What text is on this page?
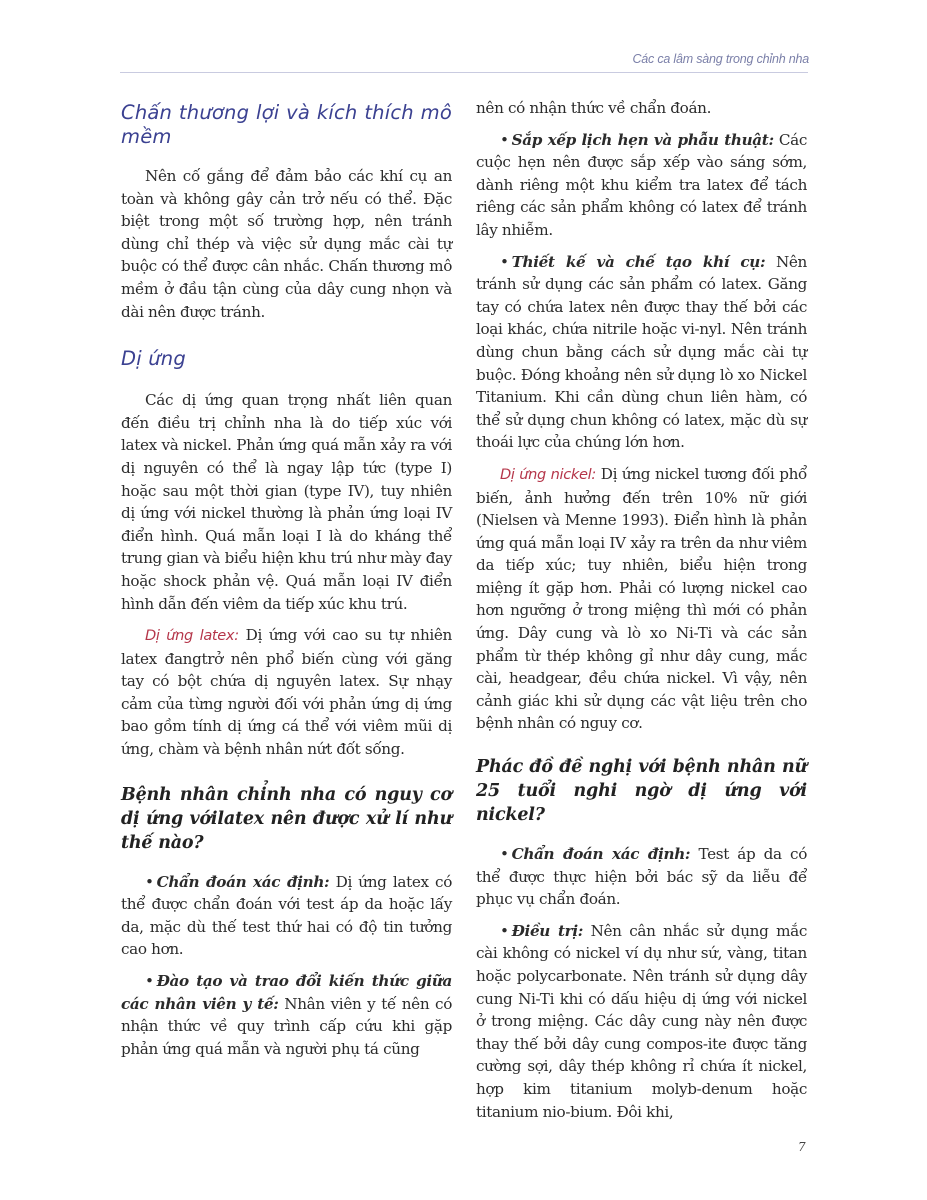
Các ca lâm sàng trong chỉnh nha
Chấn thương lợi và kích thích mô mềm

Nên cố gắng để đảm bảo các khí cụ an toàn và không gây cản trở nếu có thể. Đặc biệt trong một số trường hợp, nên tránh dùng chỉ thép và việc sử dụng mắc cài tự buộc có thể được cân nhắc. Chấn thương mô mềm ở đầu tận cùng của dây cung nhọn và dài nên được tránh.

Dị ứng

Các dị ứng quan trọng nhất liên quan đến điều trị chỉnh nha là do tiếp xúc với latex và nickel. Phản ứng quá mẫn xảy ra với dị nguyên có thể là ngay lập tức (type I) hoặc sau một thời gian (type IV), tuy nhiên dị ứng với nickel thường là phản ứng loại IV điển hình. Quá mẫn loại I là do kháng thể trung gian và biểu hiện khu trú như mày đay hoặc shock phản vệ. Quá mẫn loại IV điển hình dẫn đến viêm da tiếp xúc khu trú.

Dị ứng latex: Dị ứng với cao su tự nhiên latex đangtrở nên phổ biến cùng với găng tay có bột chứa dị nguyên latex. Sự nhạy cảm của từng người đối với phản ứng dị ứng bao gồm tính dị ứng cá thể với viêm mũi dị ứng, chàm và bệnh nhân nứt đốt sống.

Bệnh nhân chỉnh nha có nguy cơ dị ứng vớilatex nên được xử lí như thế nào?

• Chẩn đoán xác định: Dị ứng latex có thể được chẩn đoán với test áp da hoặc lấy da, mặc dù thế test thứ hai có độ tin tưởng cao hơn.

• Đào tạo và trao đổi kiến thức giữa các nhân viên y tế: Nhân viên y tế nên có nhận thức về quy trình cấp cứu khi gặp phản ứng quá mẫn và người phụ tá cũng

nên có nhận thức về chẩn đoán.

• Sắp xếp lịch hẹn và phẫu thuật: Các cuộc hẹn nên được sắp xếp vào sáng sớm, dành riêng một khu kiểm tra latex để tách riêng các sản phẩm không có latex để tránh lây nhiễm.

• Thiết kế và chế tạo khí cụ: Nên tránh sử dụng các sản phẩm có latex. Găng tay có chứa latex nên được thay thế bởi các loại khác, chứa nitrile hoặc vi-nyl. Nên tránh dùng chun bằng cách sử dụng mắc cài tự buộc. Đóng khoảng nên sử dụng lò xo Nickel Titanium. Khi cần dùng chun liên hàm, có thể sử dụng chun không có latex, mặc dù sự thoái lực của chúng lớn hơn.

Dị ứng nickel: Dị ứng nickel tương đối phổ biến, ảnh hưởng đến trên 10% nữ giới (Nielsen và Menne 1993). Điển hình là phản ứng quá mẫn loại IV xảy ra trên da như viêm da tiếp xúc; tuy nhiên, biểu hiện trong miệng ít gặp hơn. Phải có lượng nickel cao hơn ngưỡng ở trong miệng thì mới có phản ứng. Dây cung và lò xo Ni-Ti và các sản phẩm từ thép không gỉ như dây cung, mắc cài, headgear, đều chứa nickel. Vì vậy, nên cảnh giác khi sử dụng các vật liệu trên cho bệnh nhân có nguy cơ.

Phác đồ đề nghị với bệnh nhân nữ 25 tuổi nghi ngờ dị ứng với nickel?

• Chẩn đoán xác định: Test áp da có thể được thực hiện bởi bác sỹ da liễu để phục vụ chẩn đoán.

• Điều trị: Nên cân nhắc sử dụng mắc cài không có nickel ví dụ như sứ, vàng, titan hoặc polycarbonate. Nên tránh sử dụng dây cung Ni-Ti khi có dấu hiệu dị ứng với nickel ở trong miệng. Các dây cung này nên được thay thế bởi dây cung compos-ite được tăng cường sợi, dây thép không rỉ chứa ít nickel, hợp kim titanium molyb-denum hoặc titanium nio-bium. Đôi khi,

7
